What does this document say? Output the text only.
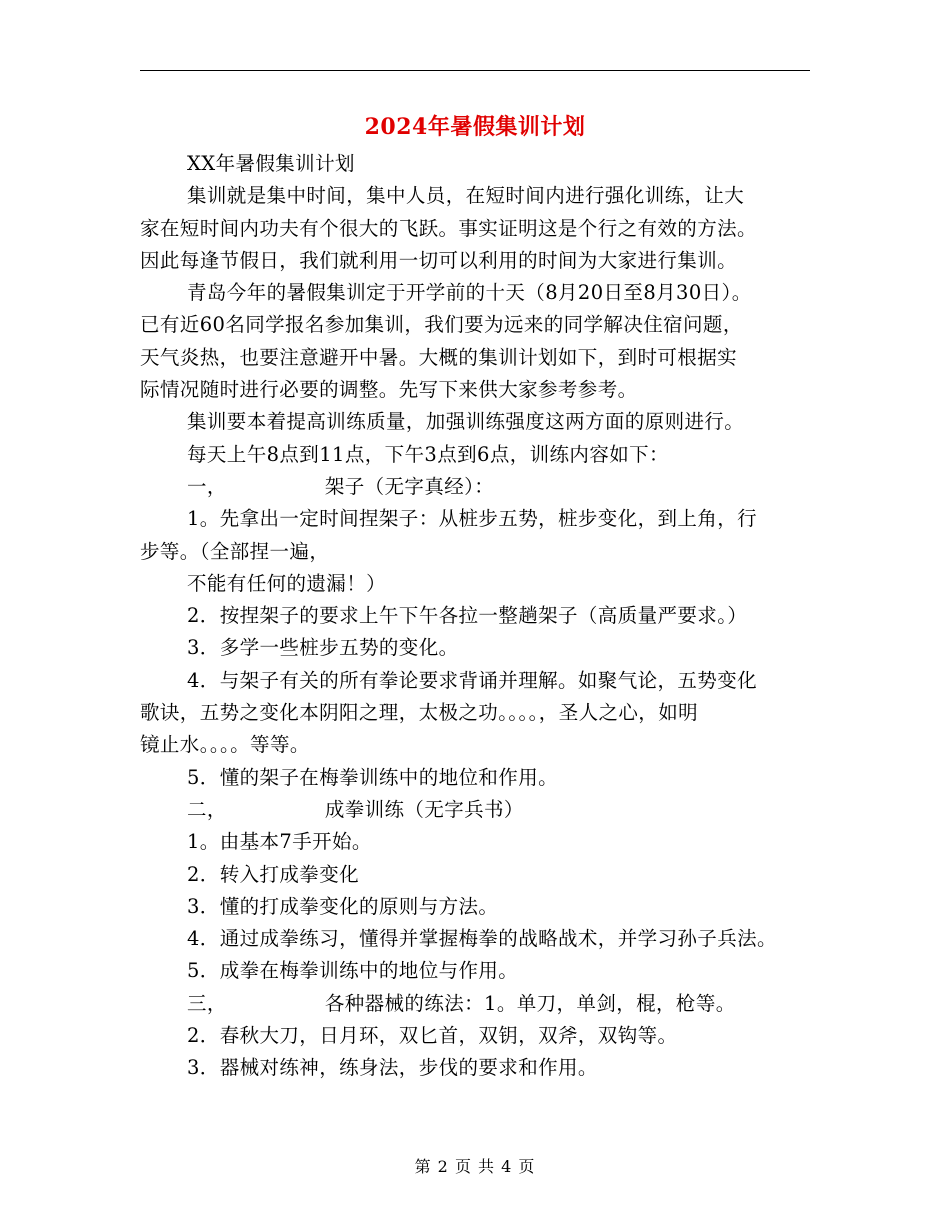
2024年暑假集训计划
XX年暑假集训计划
集训就是集中时间，集中人员，在短时间内进行强化训练，让大
家在短时间内功夫有个很大的飞跃。事实证明这是个行之有效的方法。
因此每逢节假日，我们就利用一切可以利用的时间为大家进行集训。
青岛今年的暑假集训定于开学前的十天（8月20日至8月30日）。
已有近60名同学报名参加集训，我们要为远来的同学解决住宿问题，
天气炎热，也要注意避开中暑。大概的集训计划如下，到时可根据实
际情况随时进行必要的调整。先写下来供大家参考参考。
集训要本着提高训练质量，加强训练强度这两方面的原则进行。
每天上午8点到11点，下午3点到6点，训练内容如下：
一，	架子（无字真经）：
1。先拿出一定时间捏架子：从桩步五势，桩步变化，到上角，行
步等。（全部捏一遍，
不能有任何的遗漏！）
2．按捏架子的要求上午下午各拉一整趟架子（高质量严要求。）
3．多学一些桩步五势的变化。
4．与架子有关的所有拳论要求背诵并理解。如聚气论，五势变化
歌诀，五势之变化本阴阳之理，太极之功。。。。，圣人之心，如明
镜止水。。。。等等。
5．懂的架子在梅拳训练中的地位和作用。
二，	成拳训练（无字兵书）
1。由基本7手开始。
2．转入打成拳变化
3．懂的打成拳变化的原则与方法。
4．通过成拳练习，懂得并掌握梅拳的战略战术，并学习孙子兵法。
5．成拳在梅拳训练中的地位与作用。
三，	各种器械的练法：1。单刀，单剑，棍，枪等。
2．春秋大刀，日月环，双匕首，双钥，双斧，双钩等。
3．器械对练神，练身法，步伐的要求和作用。
第 2 页 共 4 页
